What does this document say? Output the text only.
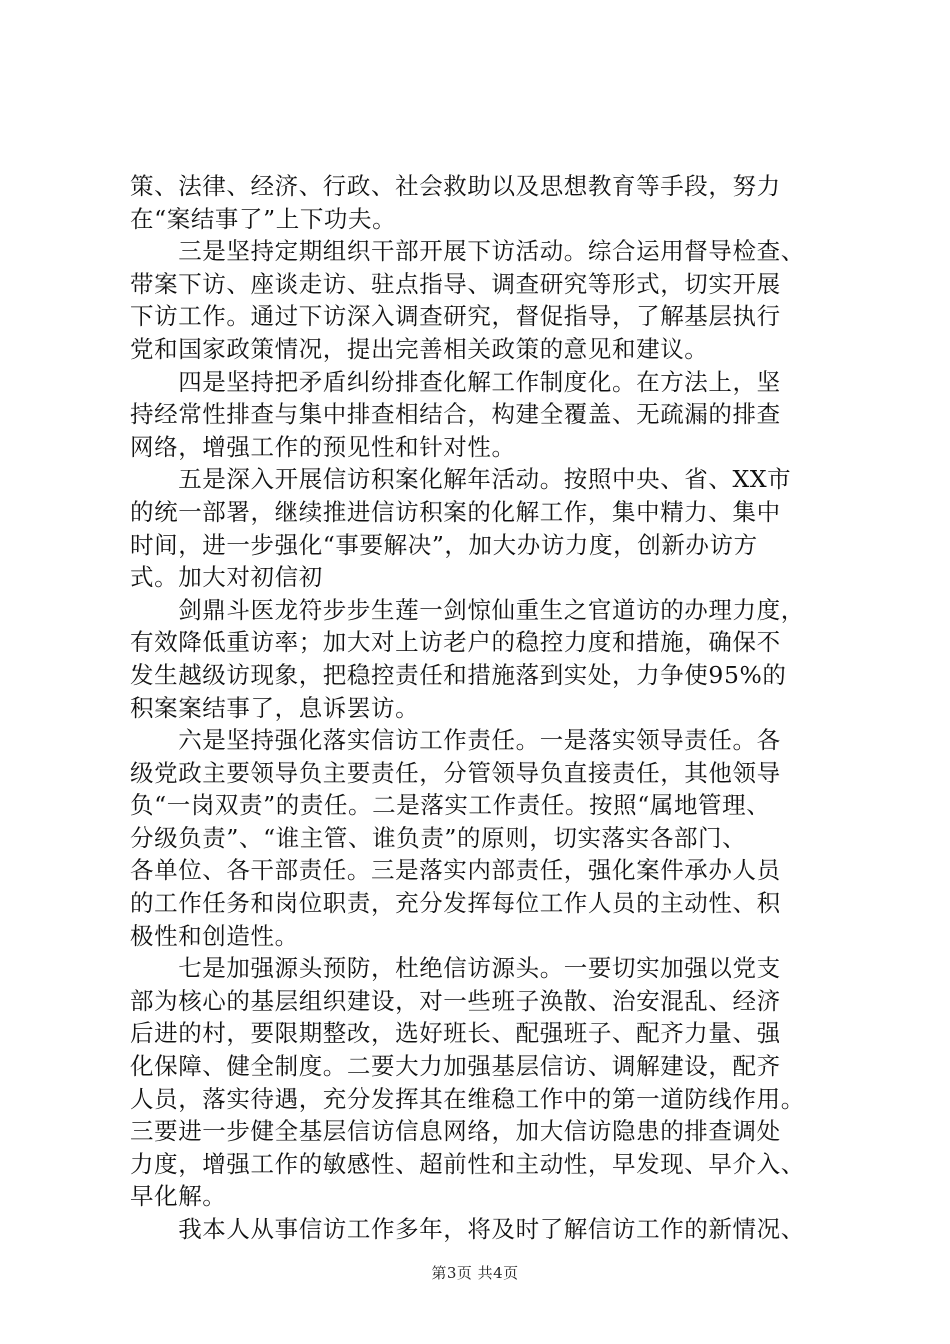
策、法律、经济、行政、社会救助以及思想教育等手段，努力
在“案结事了”上下功夫。
　　三是坚持定期组织干部开展下访活动。综合运用督导检查、
带案下访、座谈走访、驻点指导、调查研究等形式，切实开展
下访工作。通过下访深入调查研究，督促指导，了解基层执行
党和国家政策情况，提出完善相关政策的意见和建议。
　　四是坚持把矛盾纠纷排查化解工作制度化。在方法上，坚
持经常性排查与集中排查相结合，构建全覆盖、无疏漏的排查
网络，增强工作的预见性和针对性。
　　五是深入开展信访积案化解年活动。按照中央、省、XX市
的统一部署，继续推进信访积案的化解工作，集中精力、集中
时间，进一步强化“事要解决”，加大办访力度，创新办访方
式。加大对初信初
　　剑鼎斗医龙符步步生莲一剑惊仙重生之官道访的办理力度，
有效降低重访率；加大对上访老户的稳控力度和措施，确保不
发生越级访现象，把稳控责任和措施落到实处，力争使95%的
积案案结事了，息诉罢访。
　　六是坚持强化落实信访工作责任。一是落实领导责任。各
级党政主要领导负主要责任，分管领导负直接责任，其他领导
负“一岗双责”的责任。二是落实工作责任。按照“属地管理、
分级负责”、“谁主管、谁负责”的原则，切实落实各部门、
各单位、各干部责任。三是落实内部责任，强化案件承办人员
的工作任务和岗位职责，充分发挥每位工作人员的主动性、积
极性和创造性。
　　七是加强源头预防，杜绝信访源头。一要切实加强以党支
部为核心的基层组织建设，对一些班子涣散、治安混乱、经济
后进的村，要限期整改，选好班长、配强班子、配齐力量、强
化保障、健全制度。二要大力加强基层信访、调解建设，配齐
人员，落实待遇，充分发挥其在维稳工作中的第一道防线作用。
三要进一步健全基层信访信息网络，加大信访隐患的排查调处
力度，增强工作的敏感性、超前性和主动性，早发现、早介入、
早化解。
　　我本人从事信访工作多年，将及时了解信访工作的新情况、
第3页 共4页
